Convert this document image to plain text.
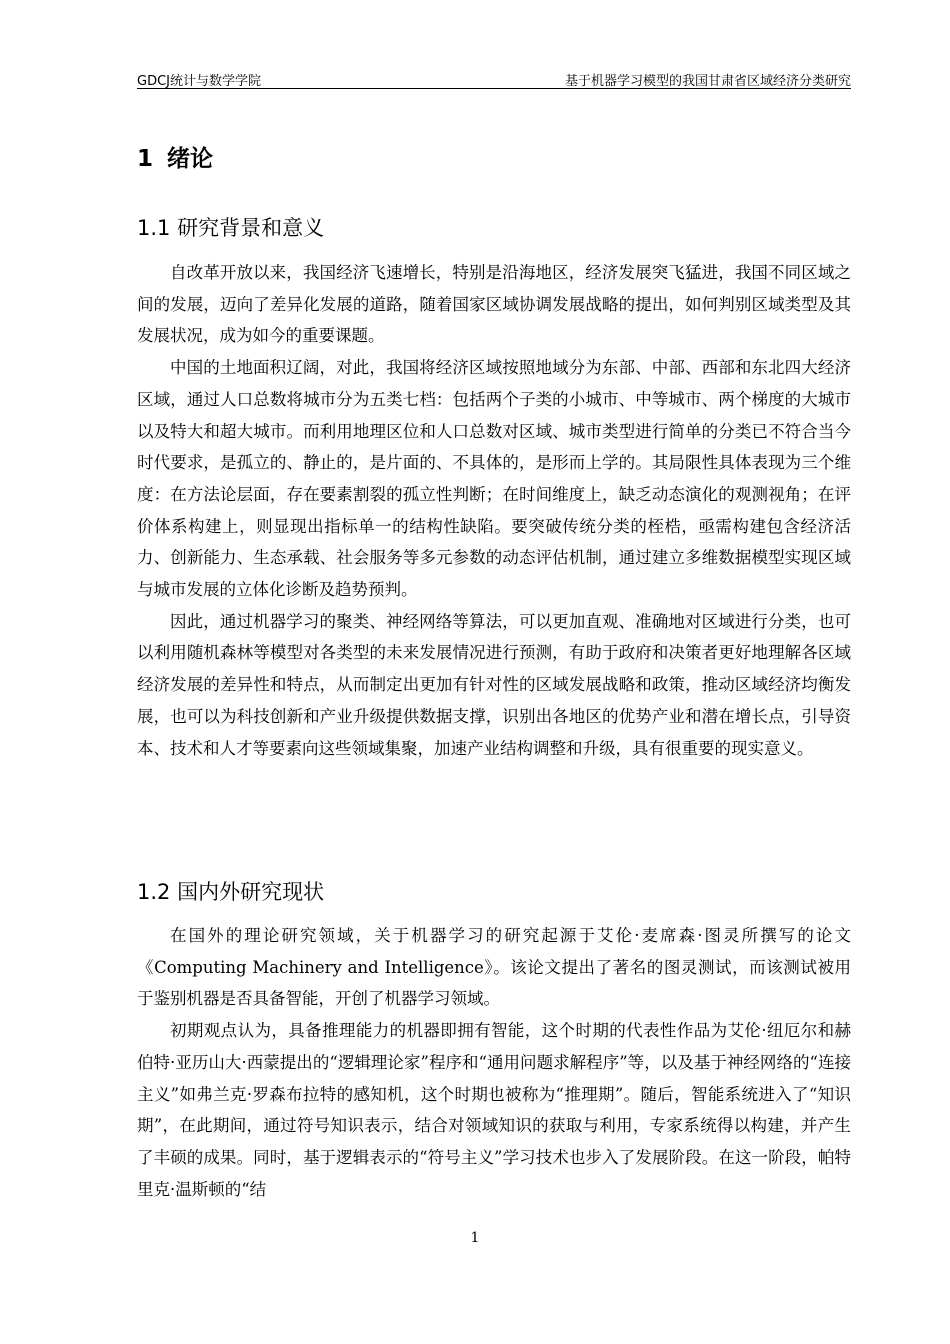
GDCJ统计与数学学院	基于机器学习模型的我国甘肃省区域经济分类研究
1 绪论
1.1 研究背景和意义

自改革开放以来，我国经济飞速增长，特别是沿海地区，经济发展突飞猛进，我国不同区域之间的发展，迈向了差异化发展的道路，随着国家区域协调发展战略的提出，如何判别区域类型及其发展状况，成为如今的重要课题。

中国的土地面积辽阔，对此，我国将经济区域按照地域分为东部、中部、西部和东北四大经济区域，通过人口总数将城市分为五类七档：包括两个子类的小城市、中等城市、两个梯度的大城市以及特大和超大城市。而利用地理区位和人口总数对区域、城市类型进行简单的分类已不符合当今时代要求，是孤立的、静止的，是片面的、不具体的，是形而上学的。其局限性具体表现为三个维度：在方法论层面，存在要素割裂的孤立性判断；在时间维度上，缺乏动态演化的观测视角；在评价体系构建上，则显现出指标单一的结构性缺陷。要突破传统分类的桎梏，亟需构建包含经济活力、创新能力、生态承载、社会服务等多元参数的动态评估机制，通过建立多维数据模型实现区域与城市发展的立体化诊断及趋势预判。

因此，通过机器学习的聚类、神经网络等算法，可以更加直观、准确地对区域进行分类，也可以利用随机森林等模型对各类型的未来发展情况进行预测，有助于政府和决策者更好地理解各区域经济发展的差异性和特点，从而制定出更加有针对性的区域发展战略和政策，推动区域经济均衡发展，也可以为科技创新和产业升级提供数据支撑，识别出各地区的优势产业和潜在增长点，引导资本、技术和人才等要素向这些领域集聚，加速产业结构调整和升级，具有很重要的现实意义。

1.2 国内外研究现状

在国外的理论研究领域，关于机器学习的研究起源于艾伦·麦席森·图灵所撰写的论文《Computing Machinery and Intelligence》。该论文提出了著名的图灵测试，而该测试被用于鉴别机器是否具备智能，开创了机器学习领域。

初期观点认为，具备推理能力的机器即拥有智能，这个时期的代表性作品为艾伦·纽厄尔和赫伯特·亚历山大·西蒙提出的“逻辑理论家”程序和“通用问题求解程序”等，以及基于神经网络的“连接主义”如弗兰克·罗森布拉特的感知机，这个时期也被称为“推理期”。随后，智能系统进入了“知识期”，在此期间，通过符号知识表示，结合对领域知识的获取与利用，专家系统得以构建，并产生了丰硕的成果。同时，基于逻辑表示的“符号主义”学习技术也步入了发展阶段。在这一阶段，帕特里克·温斯顿的“结

1
